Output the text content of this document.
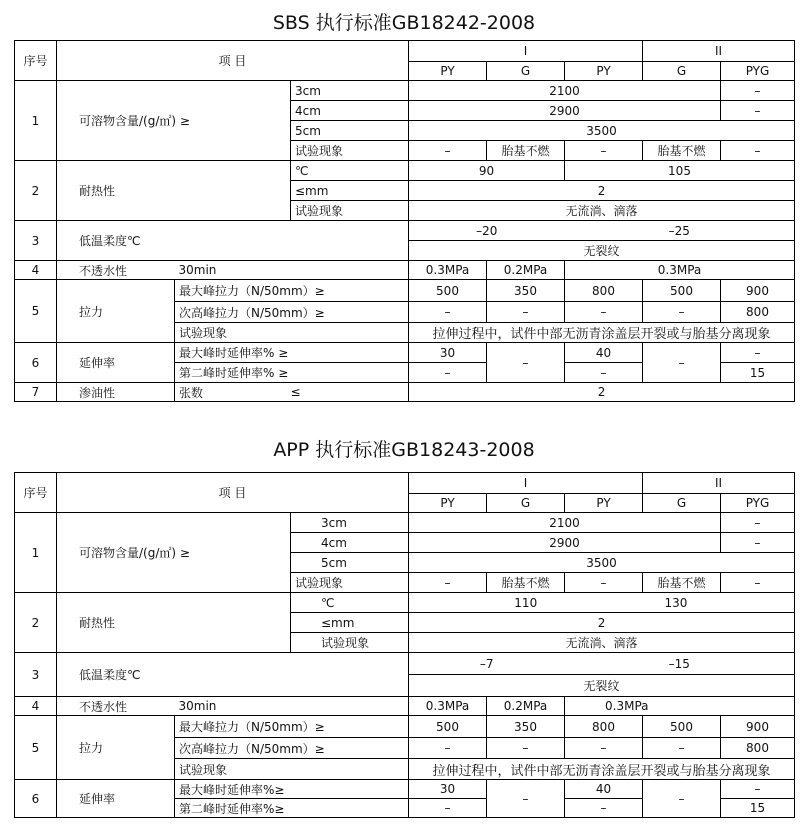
SBS 执行标准GB18242-2008
序号	项 目			I			II	
				PY	G	PY	G	PYG
1	可溶物含量/(g/㎡) ≥		3cm	2100				–
			4cm	2900				–
			5cm	3500				
			试验现象	–	胎基不燃	–	胎基不燃	–
2	耐热性		℃	90		105		
			≤mm	2				
			试验现象	无流淌、滴落				
3	低温柔度℃			–20		–25		
				无裂纹				
4	不透水性	30min		0.3MPa	0.2MPa	0.3MPa		
5	拉力	最大峰拉力（N/50mm）≥		500	350	800	500	900
		次高峰拉力（N/50mm）≥		–	–	–	–	800
		试验现象		拉伸过程中，试件中部无沥青涂盖层开裂或与胎基分离现象				
6	延伸率	最大峰时延伸率% ≥		30	–	40	–	–
		第二峰时延伸率% ≥		–		–		15
7	渗油性	张数	≤	2				
APP 执行标准GB18243-2008
序号	项 目			I			II	
				PY	G	PY	G	PYG
1	可溶物含量/(g/㎡) ≥		3cm	2100				–
			4cm	2900				–
			5cm	3500				
			试验现象	–	胎基不燃	–	胎基不燃	–
2	耐热性		℃	110			130	
			≤mm	2				
			试验现象	无流淌、滴落				
3	低温柔度℃			–7		–15		
				无裂纹				
4	不透水性	30min		0.3MPa	0.2MPa	0.3MPa		
5	拉力	最大峰拉力（N/50mm）≥		500	350	800	500	900
		次高峰拉力（N/50mm）≥		–	–	–	–	800
		试验现象		拉伸过程中，试件中部无沥青涂盖层开裂或与胎基分离现象				
6	延伸率	最大峰时延伸率%≥		30	–	40	–	–
		第二峰时延伸率%≥		–		–		15
